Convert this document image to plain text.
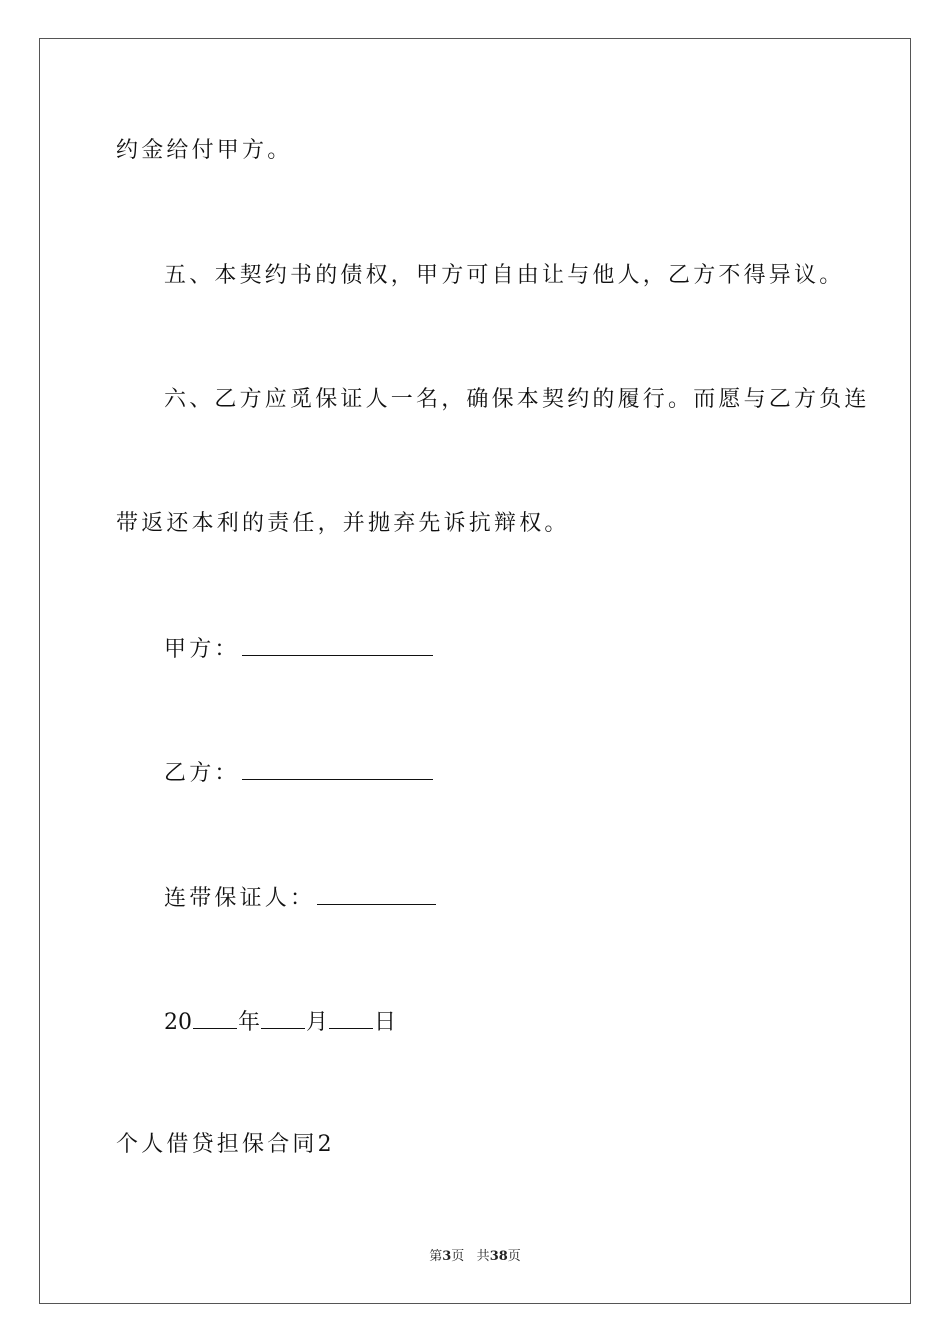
约金给付甲方。
五、本契约书的债权，甲方可自由让与他人，乙方不得异议。
六、乙方应觅保证人一名，确保本契约的履行。而愿与乙方负连
带返还本利的责任，并抛弃先诉抗辩权。
甲方：
乙方：
连带保证人：
20 年 月 日
个人借贷担保合同2
第3页 共38页
